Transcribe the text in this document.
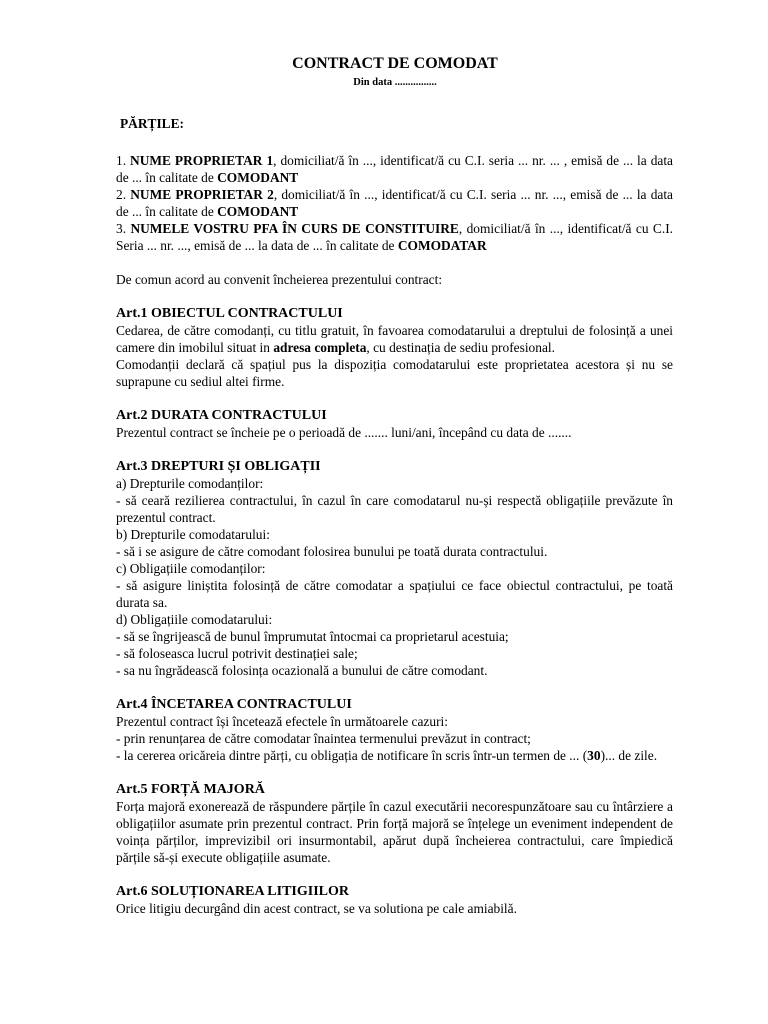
CONTRACT DE COMODAT
Din data ................

PĂRȚILE:

1. NUME PROPRIETAR 1, domiciliat/ă în ..., identificat/ă cu C.I. seria ... nr. ... , emisă de ... la data de ... în calitate de COMODANT

2. NUME PROPRIETAR 2, domiciliat/ă în ..., identificat/ă cu C.I. seria ... nr. ..., emisă de ... la data de ... în calitate de COMODANT

3. NUMELE VOSTRU PFA ÎN CURS DE CONSTITUIRE, domiciliat/ă în ..., identificat/ă cu C.I. Seria ... nr. ..., emisă de ... la data de ... în calitate de COMODATAR

De comun acord au convenit încheierea prezentului contract:

Art.1 OBIECTUL CONTRACTULUI

Cedarea, de către comodanți, cu titlu gratuit, în favoarea comodatarului a dreptului de folosință a unei camere din imobilul situat in adresa completa, cu destinația de sediu profesional.

Comodanții declară că spațiul pus la dispoziția comodatarului este proprietatea acestora și nu se suprapune cu sediul altei firme.

Art.2 DURATA CONTRACTULUI

Prezentul contract se încheie pe o perioadă de ....... luni/ani, începând cu data de .......

Art.3 DREPTURI ȘI OBLIGAȚII

a) Drepturile comodanților:

- să ceară rezilierea contractului, în cazul în care comodatarul nu-și respectă obligațiile prevăzute în prezentul contract.

b) Drepturile comodatarului:

- să i se asigure de către comodant folosirea bunului pe toată durata contractului.

c) Obligațiile comodanților:

- să asigure liniștita folosință de către comodatar a spațiului ce face obiectul contractului, pe toată durata sa.

d) Obligațiile comodatarului:

- să se îngrijească de bunul împrumutat întocmai ca proprietarul acestuia;

- să foloseasca lucrul potrivit destinației sale;

- sa nu îngrădească folosința ocazională a bunului de către comodant.

Art.4 ÎNCETAREA CONTRACTULUI

Prezentul contract își încetează efectele în următoarele cazuri:

- prin renunțarea de către comodatar înaintea termenului prevăzut in contract;

- la cererea oricăreia dintre părți, cu obligația de notificare în scris într-un termen de ... (30)... de zile.

Art.5 FORȚĂ MAJORĂ

Forța majoră exonerează de răspundere părțile în cazul executării necorespunzătoare sau cu întârziere a obligațiilor asumate prin prezentul contract. Prin forță majoră se înțelege un eveniment independent de voința părților, imprevizibil ori insurmontabil, apărut după încheierea contractului, care împiedică părțile să-și execute obligațiile asumate.

Art.6 SOLUȚIONAREA LITIGIILOR

Orice litigiu decurgând din acest contract, se va solutiona pe cale amiabilă.
